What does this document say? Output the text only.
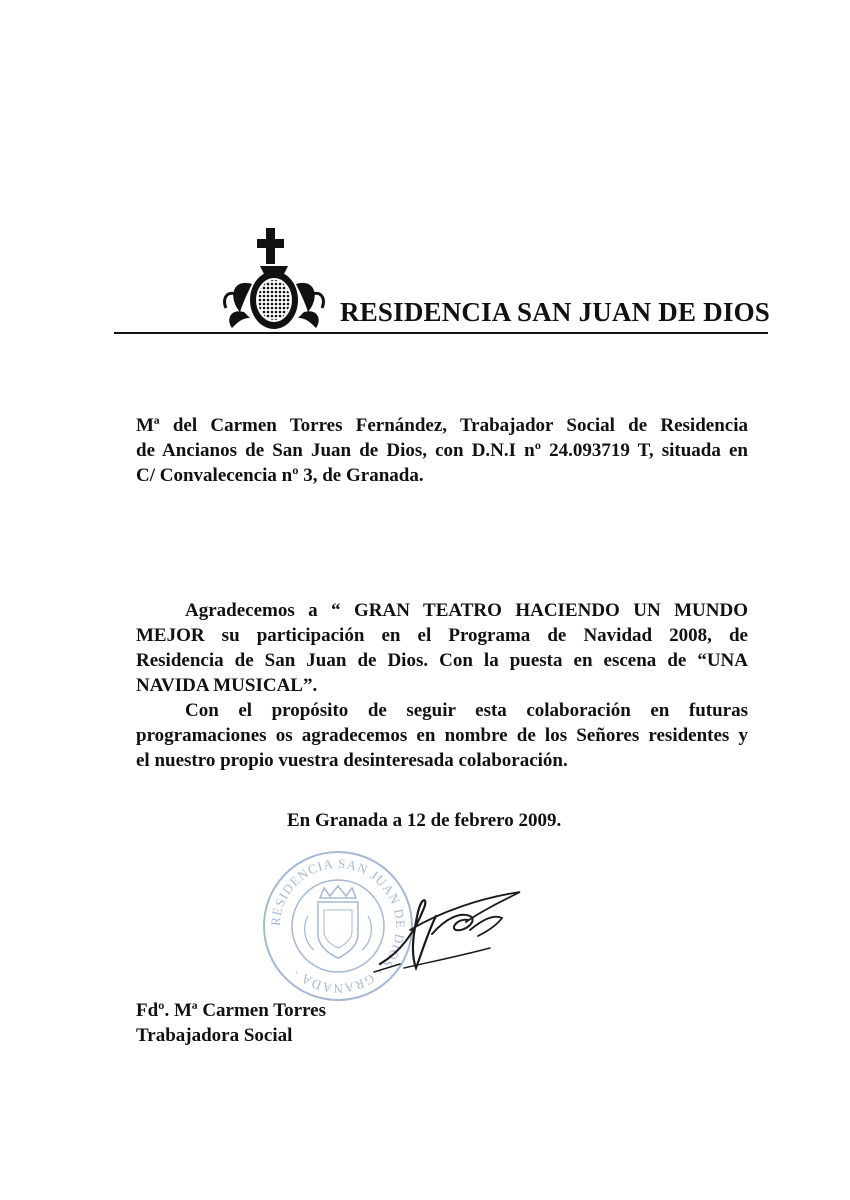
RESIDENCIA SAN JUAN DE DIOS
Mª del Carmen Torres Fernández, Trabajador Social de Residencia
de Ancianos de San Juan de Dios, con D.N.I nº 24.093719 T, situada en
C/ Convalecencia nº 3, de Granada.
Agradecemos a “ GRAN TEATRO HACIENDO UN MUNDO
MEJOR su participación en el Programa de Navidad 2008, de
Residencia de San Juan de Dios. Con la puesta en escena de “UNA
NAVIDA MUSICAL”.
Con el propósito de seguir esta colaboración en futuras
programaciones os agradecemos en nombre de los Señores residentes y
el nuestro propio vuestra desinteresada colaboración.
En Granada a 12 de febrero 2009.
RESIDENCIA SAN JUAN DE DIOS · GRANADA ·
Fdº. Mª Carmen Torres
Trabajadora Social
